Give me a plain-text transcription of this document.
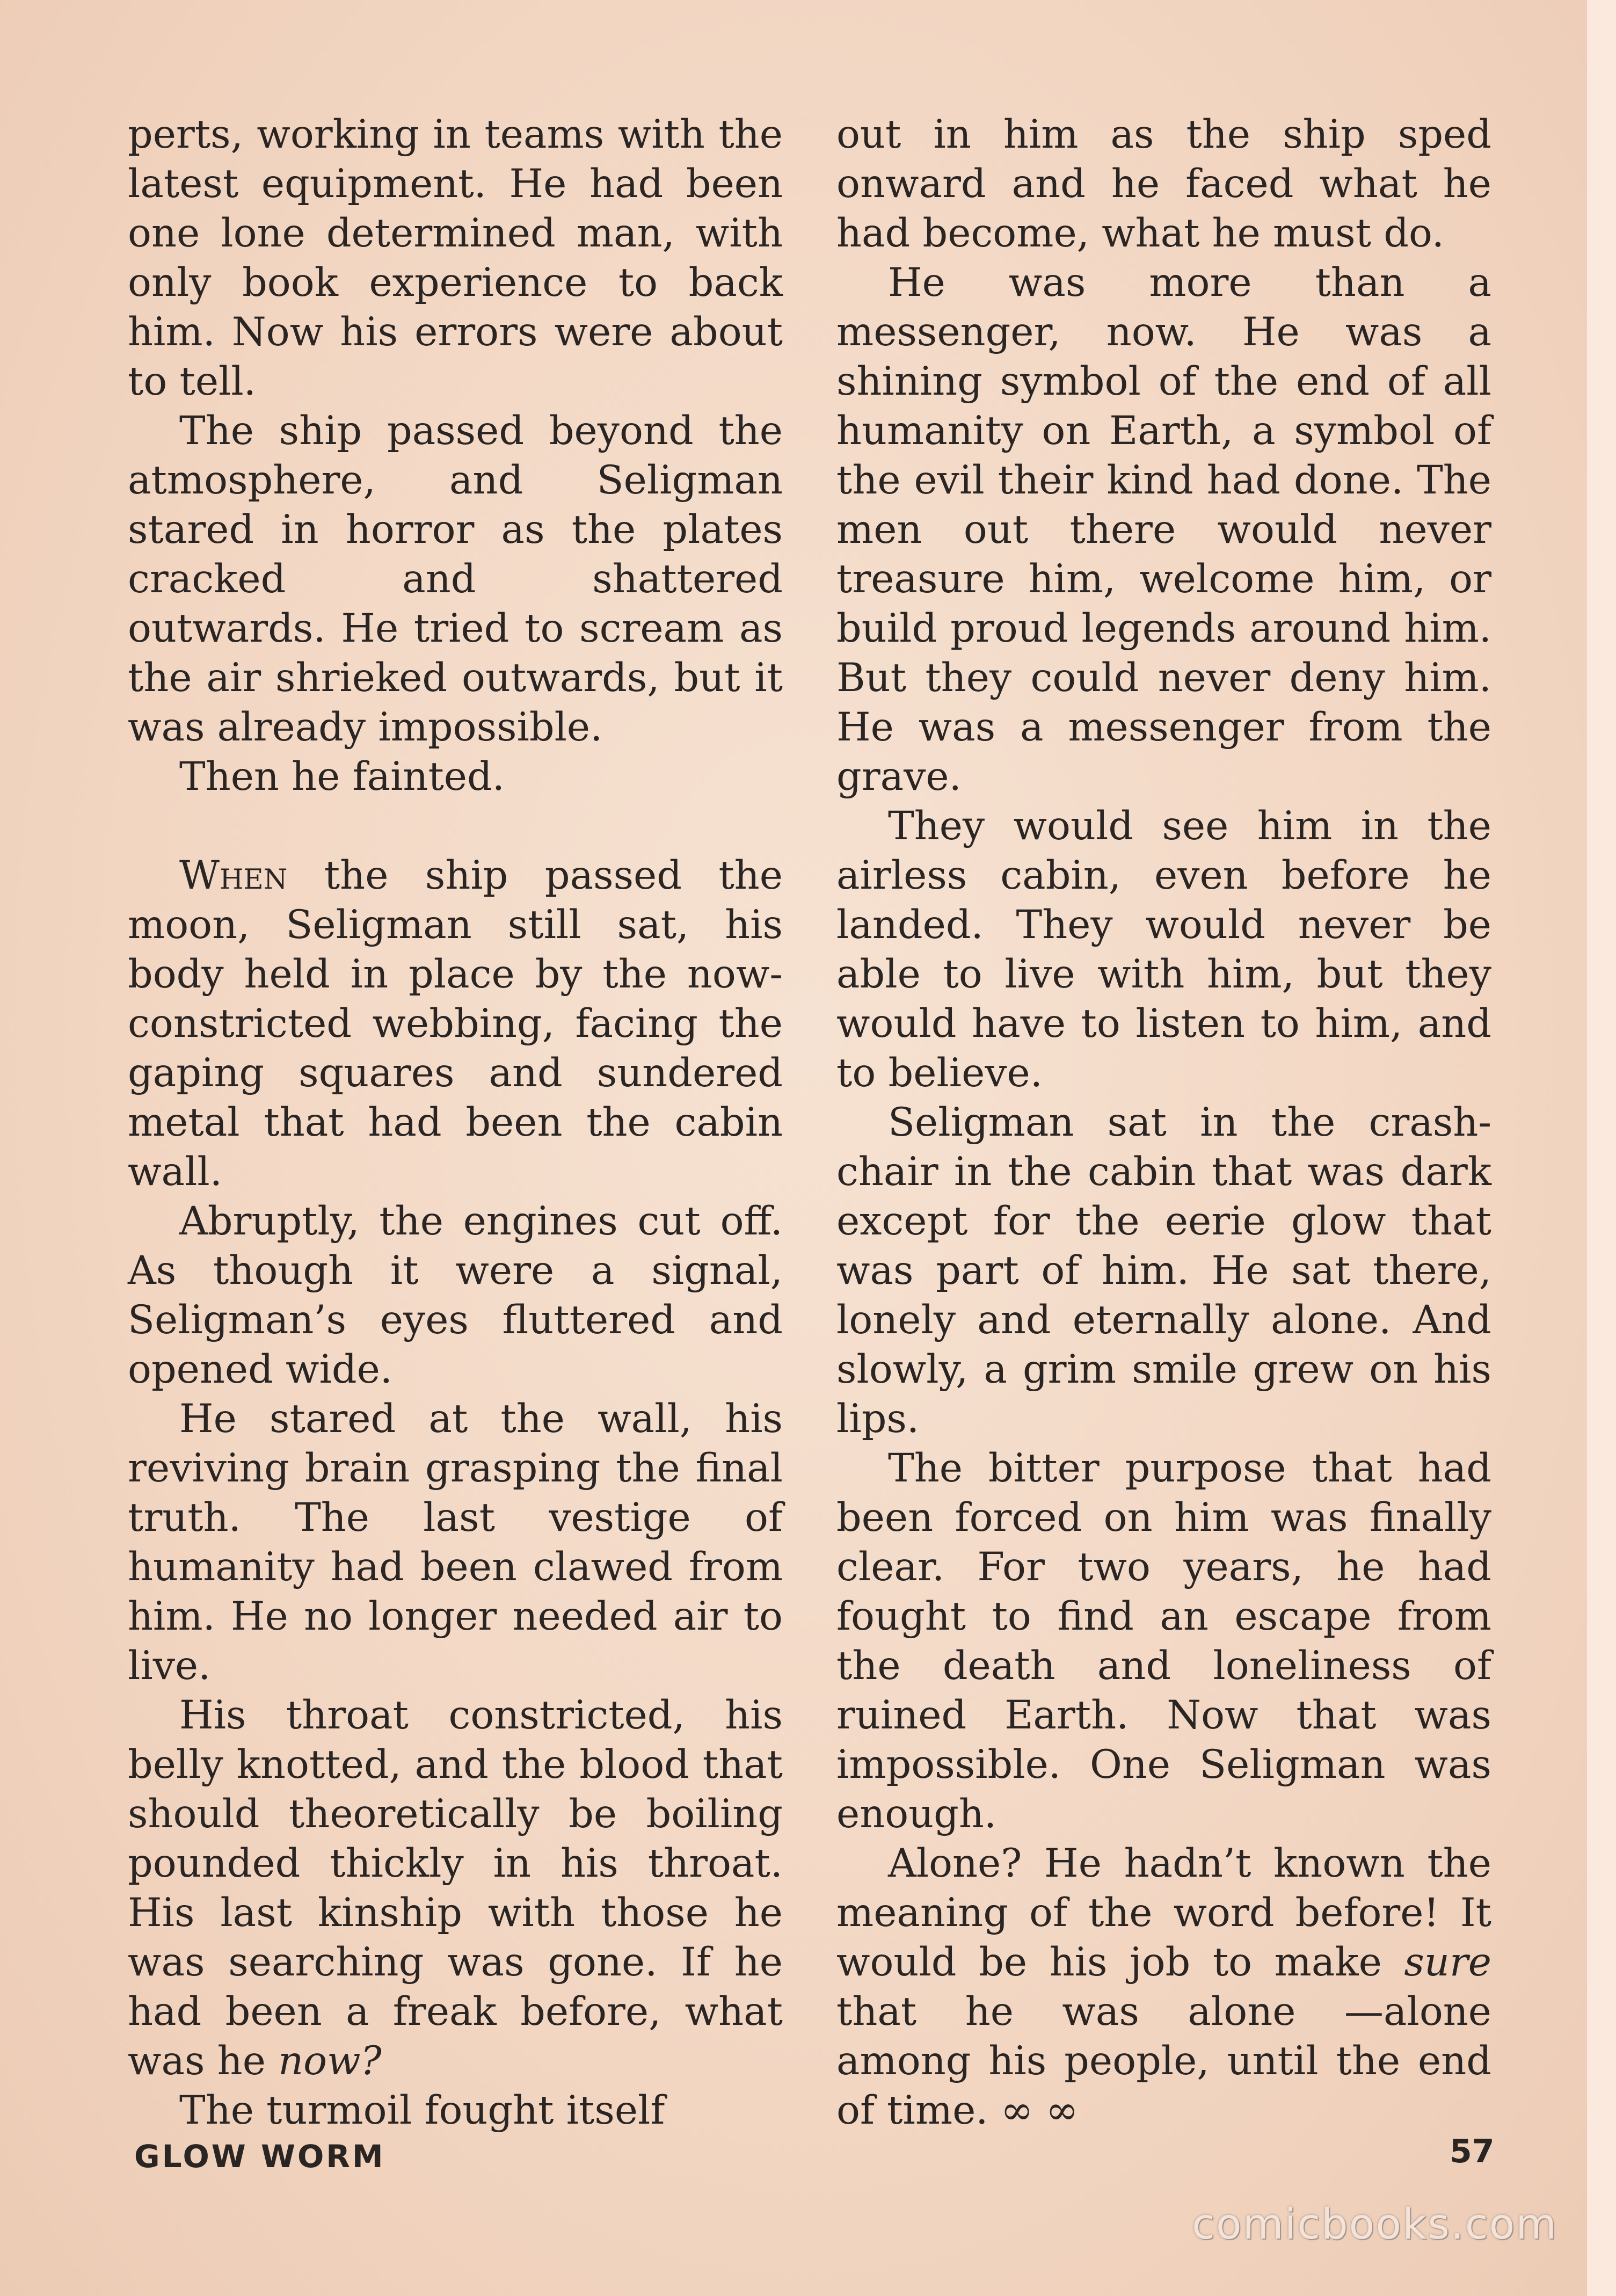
perts, working in teams with the latest equipment. He had been one lone determined man, with only book experience to back him. Now his errors were about to tell.

The ship passed beyond the atmosphere, and Seligman stared in horror as the plates cracked and shattered outwards. He tried to scream as the air shrieked outwards, but it was already impossible.

Then he fainted.

When the ship passed the moon, Seligman still sat, his body held in place by the now-constricted webbing, facing the gaping squares and sundered metal that had been the cabin wall.

Abruptly, the engines cut off. As though it were a signal, Seligman’s eyes fluttered and opened wide.

He stared at the wall, his reviving brain grasping the final truth. The last vestige of humanity had been clawed from him. He no longer needed air to live.

His throat constricted, his belly knotted, and the blood that should theoretically be boiling pounded thickly in his throat. His last kinship with those he was searching was gone. If he had been a freak before, what was he now?

The turmoil fought itself

out in him as the ship sped onward and he faced what he had become, what he must do.

He was more than a messenger, now. He was a shining symbol of the end of all humanity on Earth, a symbol of the evil their kind had done. The men out there would never treasure him, welcome him, or build proud legends around him. But they could never deny him. He was a messenger from the grave.

They would see him in the airless cabin, even before he landed. They would never be able to live with him, but they would have to listen to him, and to believe.

Seligman sat in the crash-chair in the cabin that was dark except for the eerie glow that was part of him. He sat there, lonely and eternally alone. And slowly, a grim smile grew on his lips.

The bitter purpose that had been forced on him was finally clear. For two years, he had fought to find an escape from the death and loneliness of ruined Earth. Now that was impossible. One Seligman was enough.

Alone? He hadn’t known the meaning of the word before! It would be his job to make sure that he was alone —alone among his people, until the end of time. ∞ ∞

GLOW WORM	57
comicbooks.com
